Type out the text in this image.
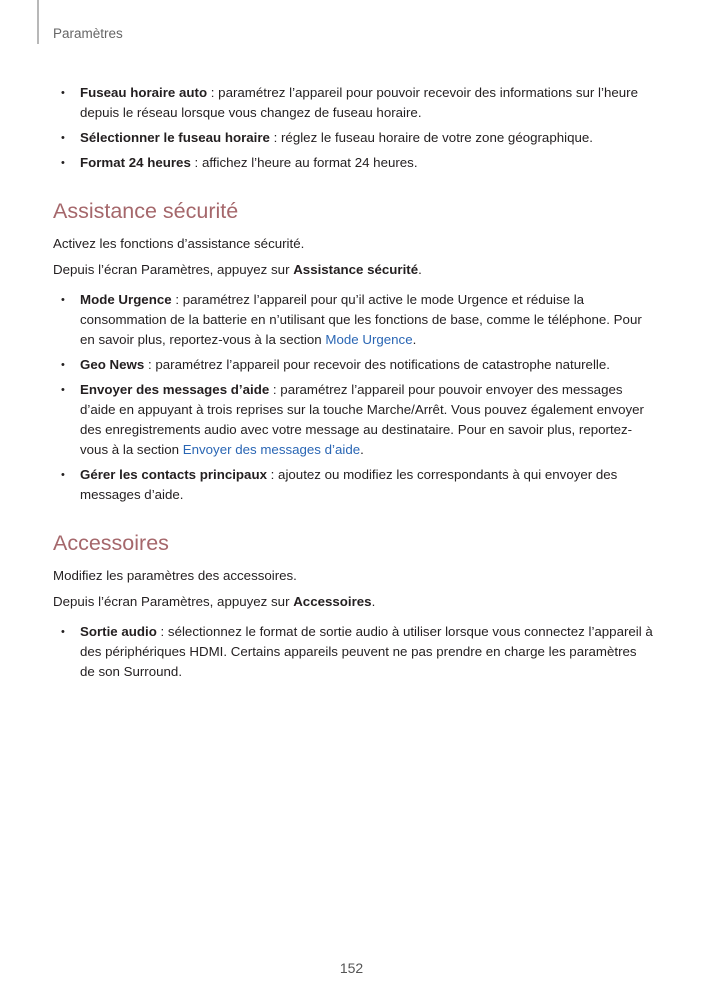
Paramètres
• Fuseau horaire auto : paramétrez l’appareil pour pouvoir recevoir des informations sur l’heure depuis le réseau lorsque vous changez de fuseau horaire.
• Sélectionner le fuseau horaire : réglez le fuseau horaire de votre zone géographique.
• Format 24 heures : affichez l’heure au format 24 heures.
Assistance sécurité

Activez les fonctions d’assistance sécurité.

Depuis l’écran Paramètres, appuyez sur Assistance sécurité.

• Mode Urgence : paramétrez l’appareil pour qu’il active le mode Urgence et réduise la consommation de la batterie en n’utilisant que les fonctions de base, comme le téléphone. Pour en savoir plus, reportez-vous à la section Mode Urgence.
• Geo News : paramétrez l’appareil pour recevoir des notifications de catastrophe naturelle.
• Envoyer des messages d’aide : paramétrez l’appareil pour pouvoir envoyer des messages d’aide en appuyant à trois reprises sur la touche Marche/Arrêt. Vous pouvez également envoyer des enregistrements audio avec votre message au destinataire. Pour en savoir plus, reportez-vous à la section Envoyer des messages d’aide.
• Gérer les contacts principaux : ajoutez ou modifiez les correspondants à qui envoyer des messages d’aide.
Accessoires

Modifiez les paramètres des accessoires.

Depuis l’écran Paramètres, appuyez sur Accessoires.

• Sortie audio : sélectionnez le format de sortie audio à utiliser lorsque vous connectez l’appareil à des périphériques HDMI. Certains appareils peuvent ne pas prendre en charge les paramètres de son Surround.
152
